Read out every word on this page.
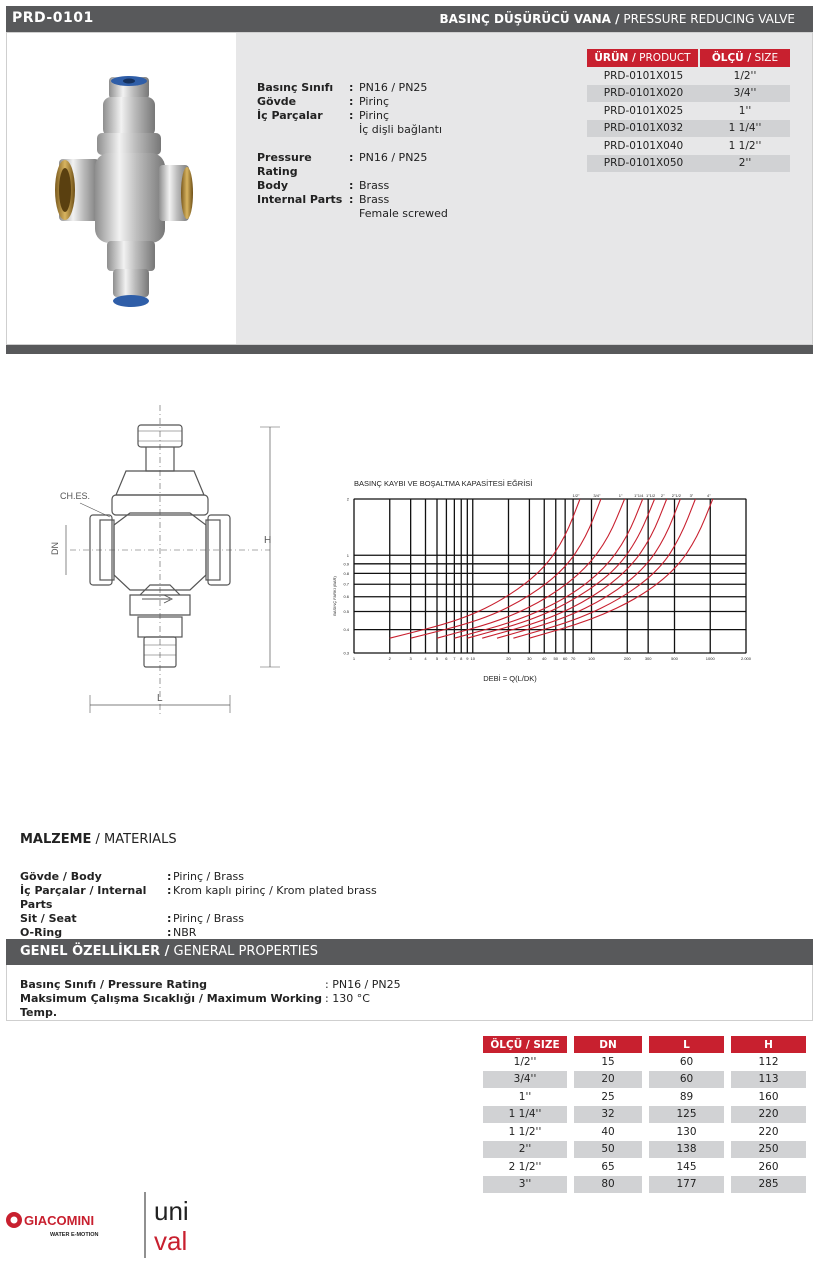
PRD-0101	BASINÇ DÜŞÜRÜCÜ VANA / PRESSURE REDUCING VALVE
Basınç Sınıfı	: PN16 / PN25
Gövde	: Pirinç
İç Parçalar	: Pirinç
İç dişli bağlantı
Pressure Rating
: PN16 / PN25
Body	: Brass
Internal Parts : Brass
Female screwed
ÜRÜN / PRODUCT	ÖLÇÜ / SIZE
PRD-0101X015	1/2''
PRD-0101X020	3/4''
PRD-0101X025	1''
PRD-0101X032	1 1/4''
PRD-0101X040	1 1/2''
PRD-0101X050	2''
H
DN
L
CH.ES.
BASINÇ KAYBI VE BOŞALTMA KAPASİTESİ EĞRİSİ
1	2	3	4 5 6 7 8 9 10	20	30	40 50 60 70	100	200	300	500	1000	2.000
0.3
0.4
0.5
0.6
0.7
0.8
0.9
1
2
1/2"	3/4"	1"	1"1/4 1"1/2 2" 2"1/2 3"	4"
DEBİ = Q(L/DK)
BASINÇ FARKI (BAR)
MALZEME / MATERIALS
Gövde / Body	: Pirinç / Brass
İç Parçalar / Internal Parts
: Krom kaplı pirinç / Krom plated brass
Sit / Seat	: Pirinç / Brass
O-Ring	: NBR
GENEL ÖZELLİKLER / GENERAL PROPERTIES
Basınç Sınıfı / Pressure Rating	: PN16 / PN25
Maksimum Çalışma Sıcaklığı / Maximum Working Temp.
: 130 °C
ÖLÇÜ / SIZE	DN	L	H
1/2''	15	60	112
3/4''	20	60	113
1''	25	89	160
1 1/4''	32	125	220
1 1/2''	40	130	220
2''	50	138	250
2 1/2''	65	145	260
3''	80	177	285
GIACOMINI
WATER E-MOTION
uni
val
